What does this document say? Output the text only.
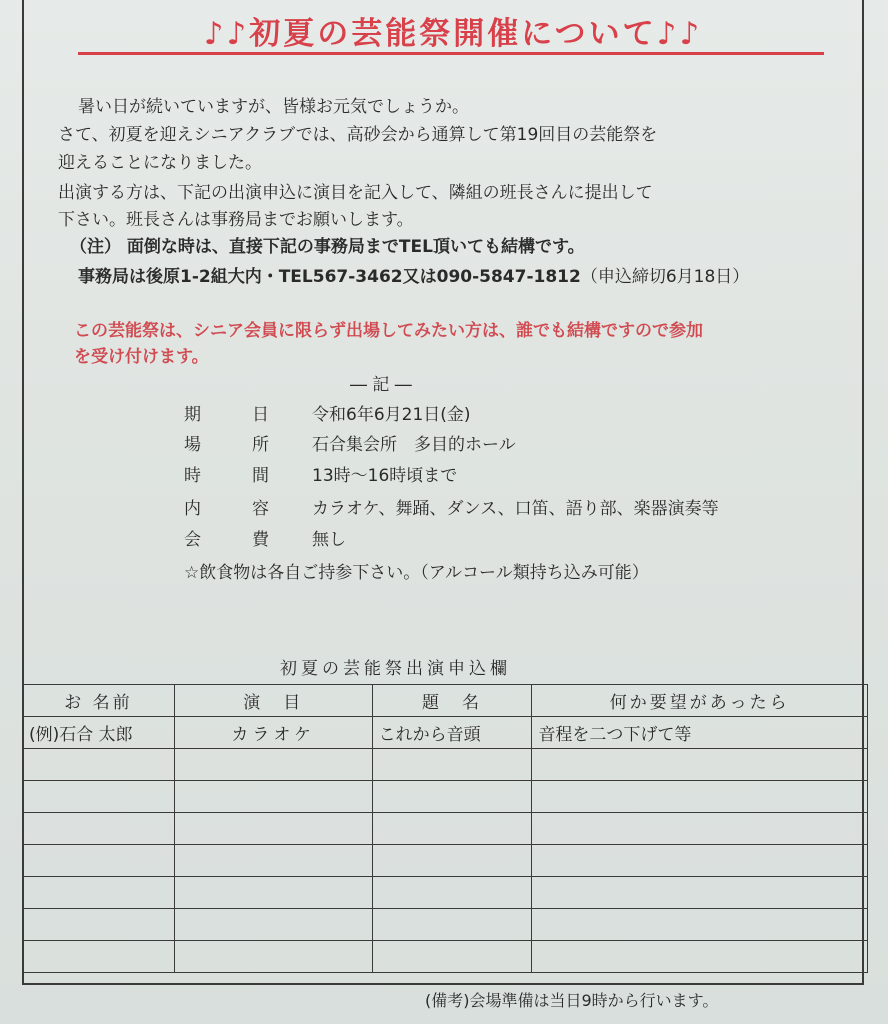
♪♪初夏の芸能祭開催について♪♪
暑い日が続いていますが、皆様お元気でしょうか。
さて、初夏を迎えシニアクラブでは、高砂会から通算して第19回目の芸能祭を
迎えることになりました。
出演する方は、下記の出演申込に演目を記入して、隣組の班長さんに提出して
下さい。班長さんは事務局までお願いします。
（注） 面倒な時は、直接下記の事務局までTEL頂いても結構です。
事務局は後原1-2組大内・TEL567-3462又は090-5847-1812（申込締切6月18日）
この芸能祭は、シニア会員に限らず出場してみたい方は、誰でも結構ですので参加
を受け付けます。
― 記 ―
期	日	令和6年6月21日(金)
場	所	石合集会所　多目的ホール
時	間	13時〜16時頃まで
内	容	カラオケ、舞踊、ダンス、口笛、語り部、楽器演奏等
会	費	無し
☆飲食物は各自ご持参下さい。（アルコール類持ち込み可能）
初夏の芸能祭出演申込欄
お 名前	演　目	題　名	何か要望があったら
(例)石合 太郎	カラオケ	これから音頭	音程を二つ下げて等

(備考)会場準備は当日9時から行います。
